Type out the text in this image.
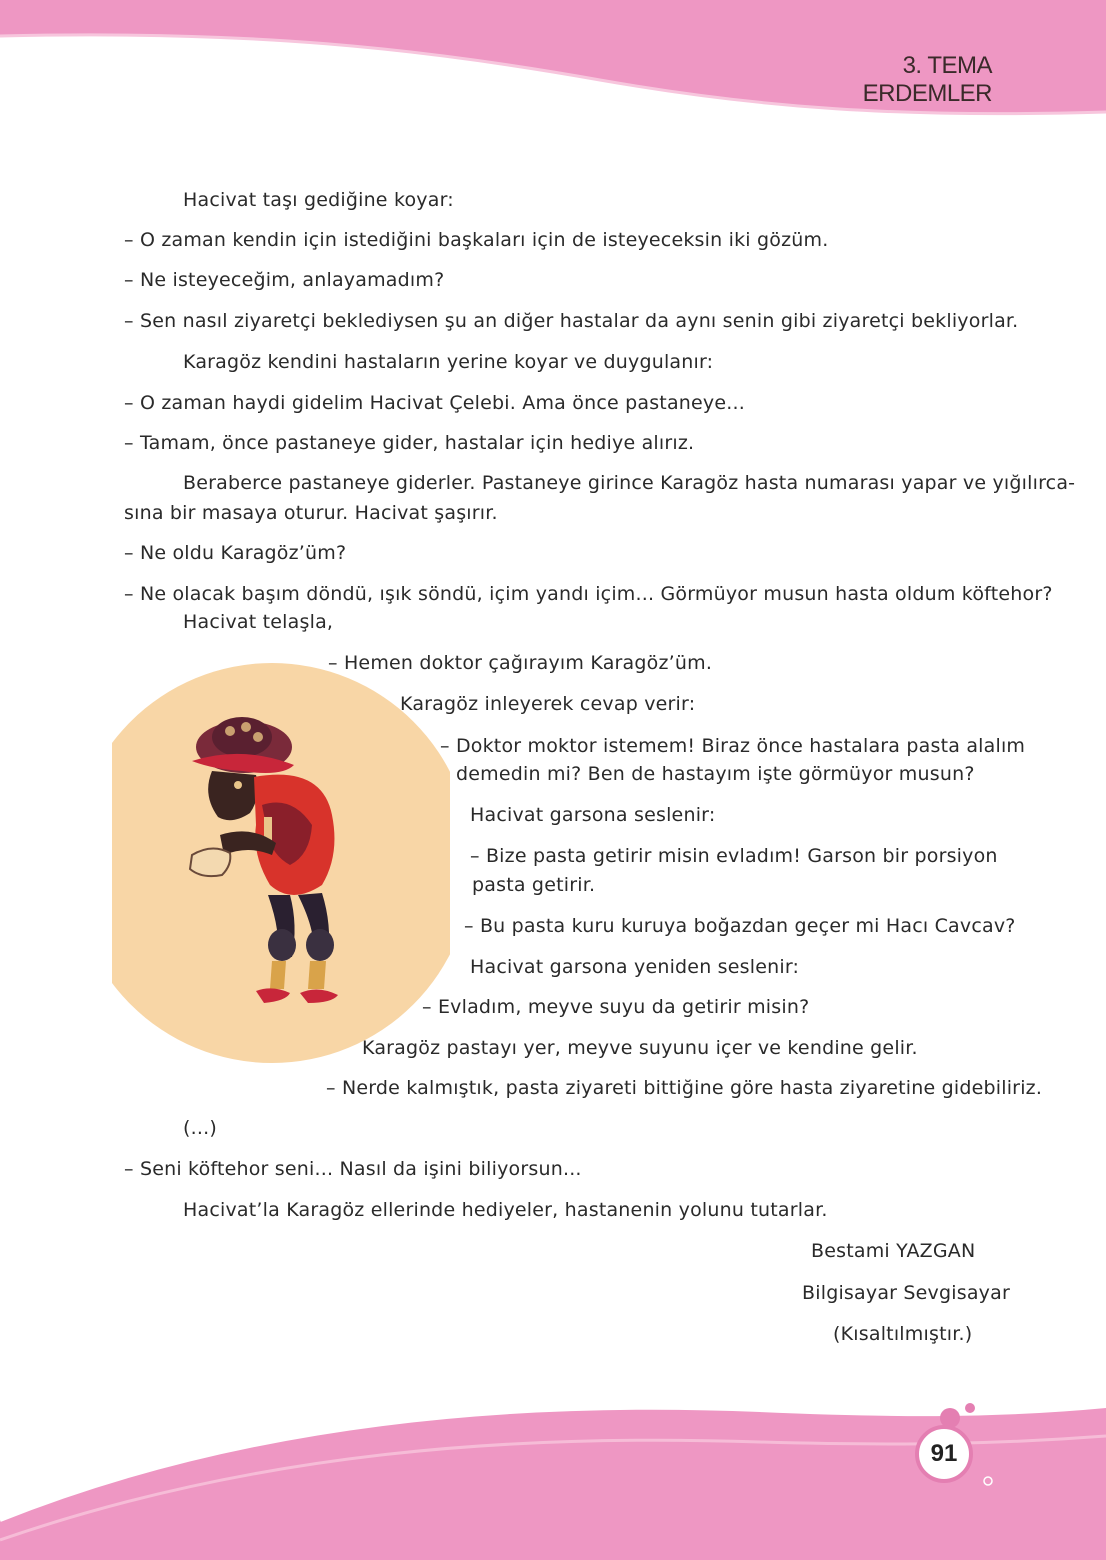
3. TEMA
ERDEMLER
Hacivat taşı gediğine koyar:
– O zaman kendin için istediğini başkaları için de isteyeceksin iki gözüm.
– Ne isteyeceğim, anlayamadım?
– Sen nasıl ziyaretçi beklediysen şu an diğer hastalar da aynı senin gibi ziyaretçi bekliyorlar.
Karagöz kendini hastaların yerine koyar ve duygulanır:
– O zaman haydi gidelim Hacivat Çelebi. Ama önce pastaneye...
– Tamam, önce pastaneye gider, hastalar için hediye alırız.
Beraberce pastaneye giderler. Pastaneye girince Karagöz hasta numarası yapar ve yığılırca-
sına bir masaya oturur. Hacivat şaşırır.
– Ne oldu Karagöz’üm?
– Ne olacak başım döndü, ışık söndü, içim yandı içim... Görmüyor musun hasta oldum köftehor?
Hacivat telaşla,
– Hemen doktor çağırayım Karagöz’üm.
Karagöz inleyerek cevap verir:
– Doktor moktor istemem! Biraz önce hastalara pasta alalım
demedin mi? Ben de hastayım işte görmüyor musun?
Hacivat garsona seslenir:
– Bize pasta getirir misin evladım! Garson bir porsiyon
pasta getirir.
– Bu pasta kuru kuruya boğazdan geçer mi Hacı Cavcav?
Hacivat garsona yeniden seslenir:
– Evladım, meyve suyu da getirir misin?
Karagöz pastayı yer, meyve suyunu içer ve kendine gelir.
– Nerde kalmıştık, pasta ziyareti bittiğine göre hasta ziyaretine gidebiliriz.
(...)
– Seni köftehor seni... Nasıl da işini biliyorsun...
Hacivat’la Karagöz ellerinde hediyeler, hastanenin yolunu tutarlar.
Bestami YAZGAN
Bilgisayar Sevgisayar
(Kısaltılmıştır.)
91
